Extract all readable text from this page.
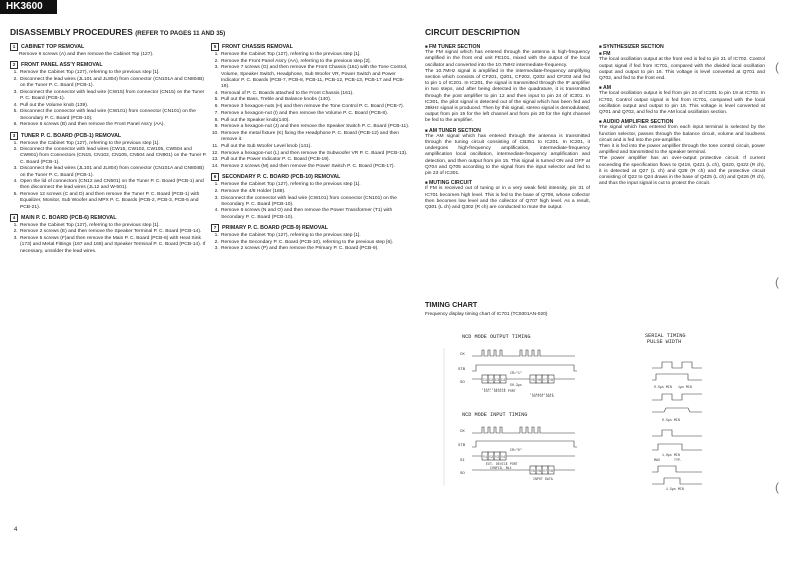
HK3600
DISASSEMBLY PROCEDURES (REFER TO PAGES 11 AND 35)
1 CABINET TOP REMOVAL
Remove 6 screws (A) and then remove the Cabinet Top (127).
2 FRONT PANEL ASS'Y REMOVAL
1. Remove the Cabinet Top (127), referring to the previous step [1].
2. Disconnect the lead wires (JL101 and JL804) from connector (CN101A and CN804B) on the Tuner P. C. Board (PCB-1).
3. Disconnect the connector with lead wire (CW15) from connector (CN15) on the Tuner P. C. Board (PCB-1).
4. Pull out the Volume knob (139).
5. Disconnect the connector with lead wire (CW101) from connector (CN101) on the Secondary P. C. Board (PCB-10).
6. Remove 6 screws (B) and then remove the Front Panel Ass'y (AA).
3 TUNER P. C. BOARD (PCB-1) REMOVAL
1. Remove the Cabinet Top (127), referring to the previous step [1].
2. Disconnect the connector with lead wires (CW15, CW102, CW105, CW504 and CW901) from Connectors (CN15, CN102, CN105, CN504 and CN901) on the Tuner P. C. Board (PCB-1).
3. Disconnect the lead wires (JL101 and JL804) from connector (CN101A and CN804B) on the Tuner P. C. Board (PCB-1).
4. Open the lid of connectors (CN12 and CN501) on the Tuner P. C. Board (PCB-1) and then disconnect the lead wires (JL12 and W-501).
5. Remove 12 screws (C and D) and then remove the Tuner P. C. Board (PCB-1) with Equalizer, Monitor, Sub Woofer and MPX P. C. Boards (PCB-2, PCB-3, PCB-5 and PCB-21).
4 MAIN P. C. BOARD (PCB-6) REMOVAL
1. Remove the Cabinet Top (127), referring to the previous step [1].
2. Remove 2 screws (E) and then remove the Speaker Terminal P. C. Board (PCB-14).
3. Remove 5 screws (F)and then remove the Main P. C. Board (PCB-6) with Heat Sink (173) and Metal Fittings (167 and 168) and Speaker Terminal P. C. Board (PCB-14). If necessary, unsolder the lead wires.
5 FRONT CHASSIS REMOVAL
1. Remove the Cabinet Top (127), referring to the previous step [1].
2. Remove the Front Panel Ass'y (AA), referring to the previous step [2].
3. Remove 7 screws (G) and then remove the Front Chassis (161) with the Tone Control, Volume, Speaker Switch, Headphone, Sub Woofer VR, Power Switch and Power Indicator P. C. Boards (PCB-7, PCB-8, PCB-11, PCB-12, PCB-13, PCB-17 and PCB-19).
4. Removal of P. C. Boards attached to the Front Chassis (161).
5. Pull out the Bass, Treble and Balance knobs (140).
6. Remove 3 hexagon-nuts (H) and then remove the Tone Control P. C. Board (PCB-7).
7. Remove a hexagon-nut (I) and then remove the Volume P. C. Board (PCB-8).
8. Pull out the Speaker knob(140).
9. Remove a hexagon-nut (J) and then remove the Speaker Switch P. C. Board (PCB-11).
10. Remove the metal fixture (K) fixing the Headphone P. C. Board (PCB-12) and then remove it.
11. Pull out the Sub Woofer Level knob (141).
12. Remove a hexagon-nut (L) and then remove the Subwoofer VR P. C. Board (PCB-13).
13. Pull out the Power Indicator P. C. Board (PCB-19).
14. Remove 2 screws (M) and then remove the Power Switch P. C. Board (PCB-17).
6 SECONDARY P. C. BOARD (PCB-10) REMOVAL
1. Remove the Cabinet Top (127), referring to the previous step [1].
2. Remove the 4/8 Holder (188).
3. Disconnect the connector with lead wire (CW101) from connector (CN101) on the Secondary P. C. Board (PCB-10).
4. Remove 6 screws (N and O) and then remove the Power Transformer (T1) with Secondary P. C. Board (PCB-10).
7 PRIMARY P. C. BOARD (PCB-9) REMOVAL
1. Remove the Cabinet Top (127), referring to the previous step [1].
2. Remove the Secondary P. C. Board (PCB-10), referring to the previous step [6].
3. Remove 2 screws (P) and then remove the Primary P. C. Board (PCB-9).
CIRCUIT DESCRIPTION
■ FM TUNER SECTION
The FM signal which has entered through the antenna is high-frequency amplified in the front end unit FE101, mixed with the output of the local oscillator and converted into the 10.7MHz intermediate-frequency.
The 10.7MHz signal is amplified in the intermediate-frequency amplifying section which consists of CF201, Q201, CF202, Q202 and CF203 and fed to pin 1 of IC201. In IC201, the signal is transmitted through the IF amplifier in two steps, and after being detected in the quadrature, it is transmitted through the post amplifier to pin 12 and then input to pin 24 of IC301. In IC301, the pilot signal is detected out of the signal which has been fed and 38kHz signal is produced. Then by this signal, stereo signal is demodulated, output from pin 15 for the left channel and from pin 20 for the right channel be fed to the amplifier.
■ AM TUNER SECTION
The AM signal which has entered through the antenna is transmitted through the tuning circuit consisting of CB351 to IC201. In IC201, it undergoes high-frequency amplification, intermediate-frequency amplification local oscillation, intermediate-frequency amplification and detection, and then output from pin 15. This signal is turned ON and OFF at Q704 and Q705 according to the signal from the input selector and fed to pin 23 of IC301.
■ MUTING CIRCUIT
If FM is received out of tuning or in a very weak field intensity, pin 31 of IC701 becomes high level. This is fed to the base of Q708, whose collector then becomes low level and the collector of Q707 high level. As a result, Q301 (L ch) and Q302 (R ch) are conducted to mute the output.
■ SYNTHESIZER SECTION
■ FM
The local oscillation output at the front end is fed to pin 21 of IC702. Control output signal if fed from IC701, compared with the divided local oscillation output and output to pin 16. This voltage is level converted at Q701 and Q702, and fed to the front end.
■ AM
The local oscillation output is fed from pin 24 of IC201 to pin 19 at IC702. In IC702, Control output signal is fed from IC701, compared with the local oscillation output and output to pin 16. This voltage is level converted at Q701 and Q702, and fed to the AM local oscillation section.
■ AUDIO AMPLIFIER SECTION
The signal which has entered from each input terminal is selected by the function selector, passes through the balance circuit, volume and loudness circuit and is fed into the pre-amplifier.
Then it is fed into the power amplifier through the tone control circuit, power amplified and transmitted to the speaker terminal.
The power amplifier has an over-output protective circuit. If current exceeding the specification flows to Q419, Q421 (L ch), Q420, Q422 (R ch), it is detected at Q27 (L ch) and Q28 (R ch) and the protective circuit consisting of Q22 to Q24 draws in the base of Q425 (L ch) and Q426 (R ch), and thus the input signal is cut to protect the circuit.
TIMING CHART
Frequency display timing chart of IC701 (TC9301AN-020)
NCD MODE OUTPUT TIMING
NCD MODE INPUT TIMING
SERIAL TIMING
PULSE WIDTH
CK
STB
SO
CK
STB
SI
SO
C1 C2 C3 C4	Y5 Y6 Y7 Y8
CR="1"
50.3µs
EXT. DEVICE PORT
OUTPUT DATA
Y1 Y2 Y3 Y4
Y5 Y6 Y7 Y8
CR="0"
EXT. DEVICE PORT
CONFIG. Bit
INPUT DATA
0.5µs MIN 1µs MIN
0.5µs MIN
1.0µs MIN
MAX	TYP.
1.5µs MIN
4
(
(
(
